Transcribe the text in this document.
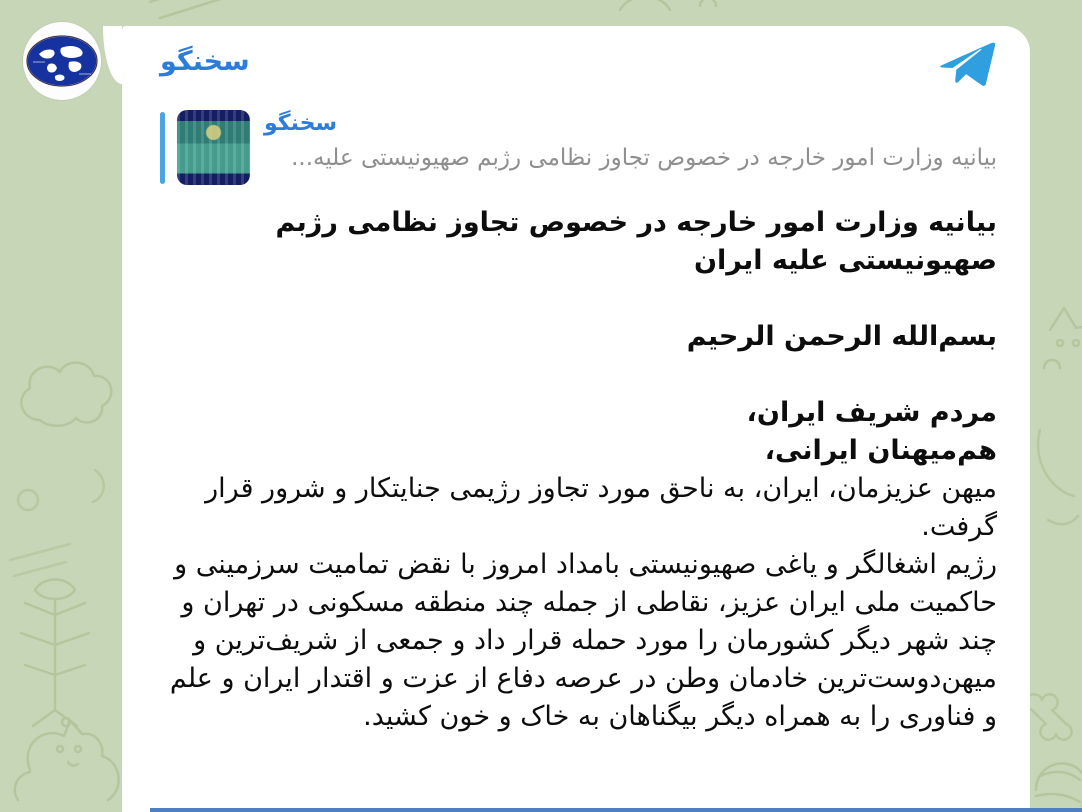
سخنگو
سخنگو
بیانیه وزارت امور خارجه در خصوص تجاوز نظامی رژبم صهیونیستی علیه...

بیانیه وزارت امور خارجه در خصوص تجاوز نظامی رژبم صهیونیستی علیه ایران

بسم‌الله الرحمن الرحیم

مردم شریف ایران،
هم‌میهنان ایرانی،

میهن عزیزمان، ایران، به ناحق مورد تجاوز رژیمی جنایتکار و شرور قرار گرفت.

رژیم اشغالگر و یاغی صهیونیستی بامداد امروز با نقض تمامیت سرزمینی و حاکمیت ملی ایران عزیز، نقاطی از جمله چند منطقه مسکونی در تهران و چند شهر دیگر کشورمان را مورد حمله قرار داد و جمعی از شریف‌ترین و میهن‌دوست‌ترین خادمان وطن در عرصه دفاع از عزت و اقتدار ایران و علم و فناوری را به همراه دیگر بیگناهان به خاک و خون کشید.
